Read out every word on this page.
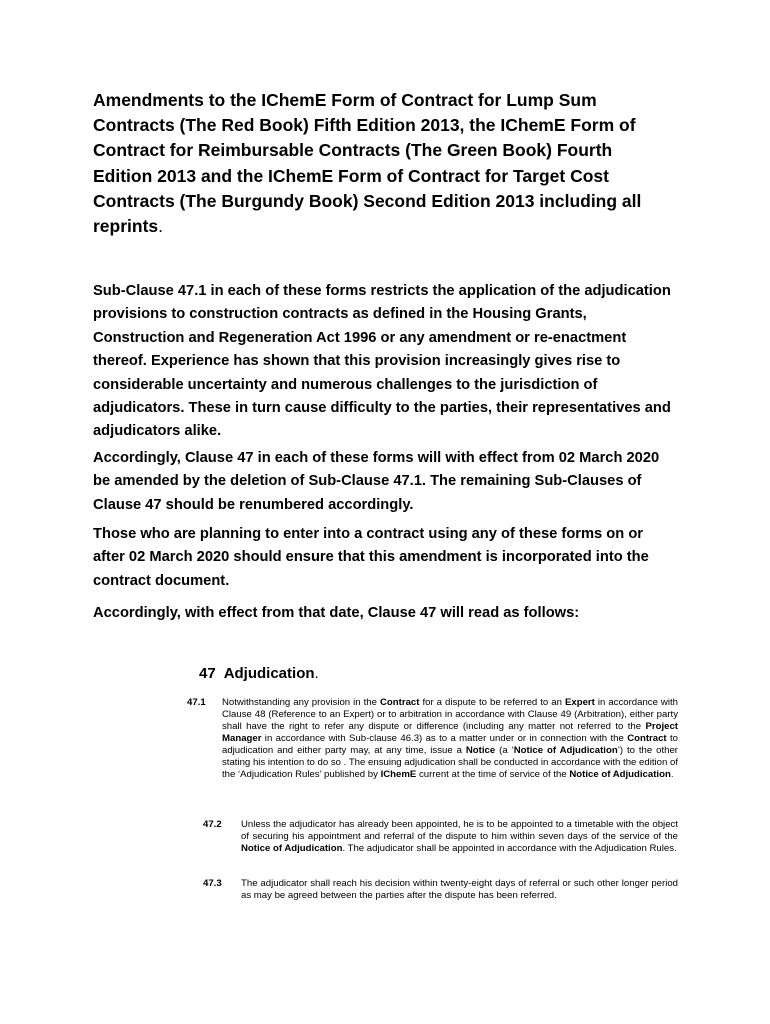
Amendments to the IChemE Form of Contract for Lump Sum Contracts (The Red Book) Fifth Edition 2013, the IChemE Form of Contract for Reimbursable Contracts (The Green Book) Fourth Edition 2013 and the IChemE Form of Contract for Target Cost Contracts (The Burgundy Book) Second Edition 2013 including all reprints.

Sub-Clause 47.1 in each of these forms restricts the application of the adjudication provisions to construction contracts as defined in the Housing Grants, Construction and Regeneration Act 1996 or any amendment or re-enactment thereof. Experience has shown that this provision increasingly gives rise to considerable uncertainty and numerous challenges to the jurisdiction of adjudicators. These in turn cause difficulty to the parties, their representatives and adjudicators alike.

Accordingly, Clause 47 in each of these forms will with effect from 02 March 2020 be amended by the deletion of Sub-Clause 47.1. The remaining Sub-Clauses of Clause 47 should be renumbered accordingly.

Those who are planning to enter into a contract using any of these forms on or after 02 March 2020 should ensure that this amendment is incorporated into the contract document.

Accordingly, with effect from that date, Clause 47 will read as follows:

47 Adjudication.
47.1 Notwithstanding any provision in the Contract for a dispute to be referred to an Expert in accordance with Clause 48 (Reference to an Expert) or to arbitration in accordance with Clause 49 (Arbitration), either party shall have the right to refer any dispute or difference (including any matter not referred to the Project Manager in accordance with Sub-clause 46.3) as to a matter under or in connection with the Contract to adjudication and either party may, at any time, issue a Notice (a ‘Notice of Adjudication’) to the other stating his intention to do so . The ensuing adjudication shall be conducted in accordance with the edition of the ‘Adjudication Rules’ published by IChemE current at the time of service of the Notice of Adjudication.
47.2 Unless the adjudicator has already been appointed, he is to be appointed to a timetable with the object of securing his appointment and referral of the dispute to him within seven days of the service of the Notice of Adjudication. The adjudicator shall be appointed in accordance with the Adjudication Rules.
47.3 The adjudicator shall reach his decision within twenty-eight days of referral or such other longer period as may be agreed between the parties after the dispute has been referred.
